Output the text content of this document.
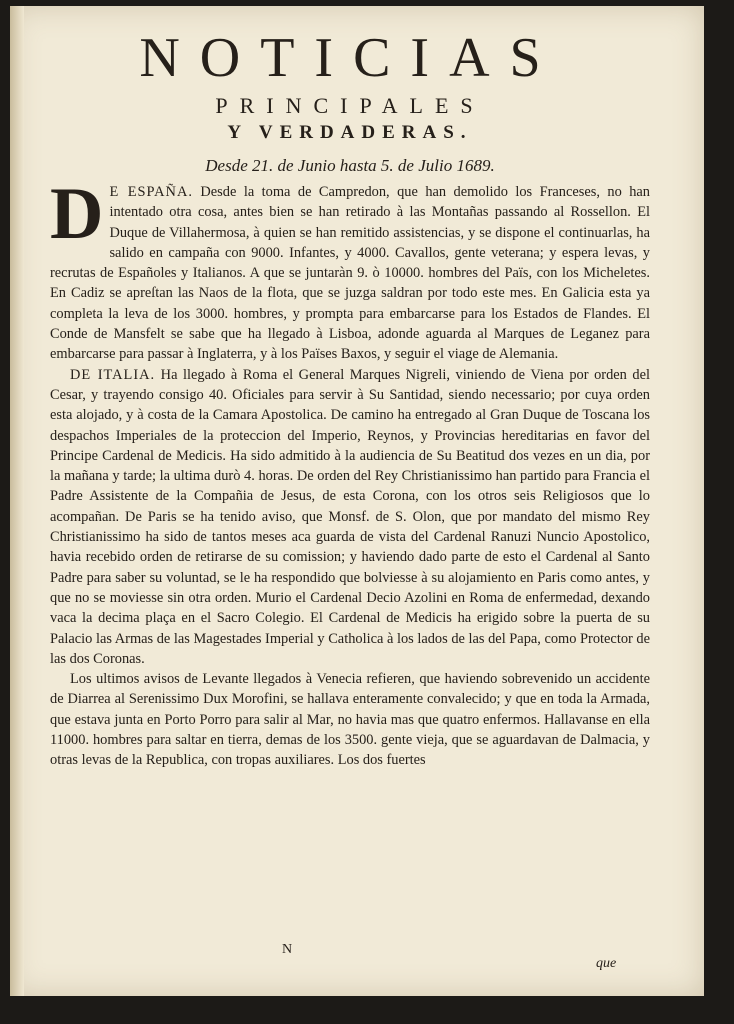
NOTICIAS
PRINCIPALES
Y VERDADERAS.
Desde 21. de Junio hasta 5. de Julio 1689.

D E ESPAÑA. Desde la toma de Campredon, que han demolido los Franceses, no han intentado otra cosa, antes bien se han retirado à las Montañas passando al Rossellon. El Duque de Villahermosa, à quien se han remitido assistencias, y se dispone el continuarlas, ha salido en campaña con 9000. Infantes, y 4000. Cavallos, gente veterana; y espera levas, y recrutas de Españoles y Italianos. A que se juntaràn 9. ò 10000. hombres del Païs, con los Micheletes. En Cadiz se apreſtan las Naos de la flota, que se juzga saldran por todo este mes. En Galicia esta ya completa la leva de los 3000. hombres, y prompta para embarcarse para los Estados de Flandes. El Conde de Mansfelt se sabe que ha llegado à Lisboa, adonde aguarda al Marques de Leganez para embarcarse para passar à Inglaterra, y à los Païses Baxos, y seguir el viage de Alemania.

DE ITALIA. Ha llegado à Roma el General Marques Nigreli, viniendo de Viena por orden del Cesar, y trayendo consigo 40. Oficiales para servir à Su Santidad, siendo necessario; por cuya orden esta alojado, y à costa de la Camara Apostolica. De camino ha entregado al Gran Duque de Toscana los despachos Imperiales de la proteccion del Imperio, Reynos, y Provincias hereditarias en favor del Principe Cardenal de Medicis. Ha sido admitido à la audiencia de Su Beatitud dos vezes en un dia, por la mañana y tarde; la ultima durò 4. horas. De orden del Rey Christianissimo han partido para Francia el Padre Assistente de la Compañia de Jesus, de esta Corona, con los otros seis Religiosos que lo acompañan. De Paris se ha tenido aviso, que Monsf. de S. Olon, que por mandato del mismo Rey Christianissimo ha sido de tantos meses aca guarda de vista del Cardenal Ranuzi Nuncio Apostolico, havia recebido orden de retirarse de su comission; y haviendo dado parte de esto el Cardenal al Santo Padre para saber su voluntad, se le ha respondido que bolviesse à su alojamiento en Paris como antes, y que no se moviesse sin otra orden. Murio el Cardenal Decio Azolini en Roma de enfermedad, dexando vaca la decima plaça en el Sacro Colegio. El Cardenal de Medicis ha erigido sobre la puerta de su Palacio las Armas de las Magestades Imperial y Catholica à los lados de las del Papa, como Protector de las dos Coronas.

Los ultimos avisos de Levante llegados à Venecia refieren, que haviendo sobrevenido un accidente de Diarrea al Serenissimo Dux Morofini, se hallava enteramente convalecido; y que en toda la Armada, que estava junta en Porto Porro para salir al Mar, no havia mas que quatro enfermos. Hallavanse en ella 11000. hombres para saltar en tierra, demas de los 3500. gente vieja, que se aguardavan de Dalmacia, y otras levas de la Republica, con tropas auxiliares. Los dos fuertes

N
que
